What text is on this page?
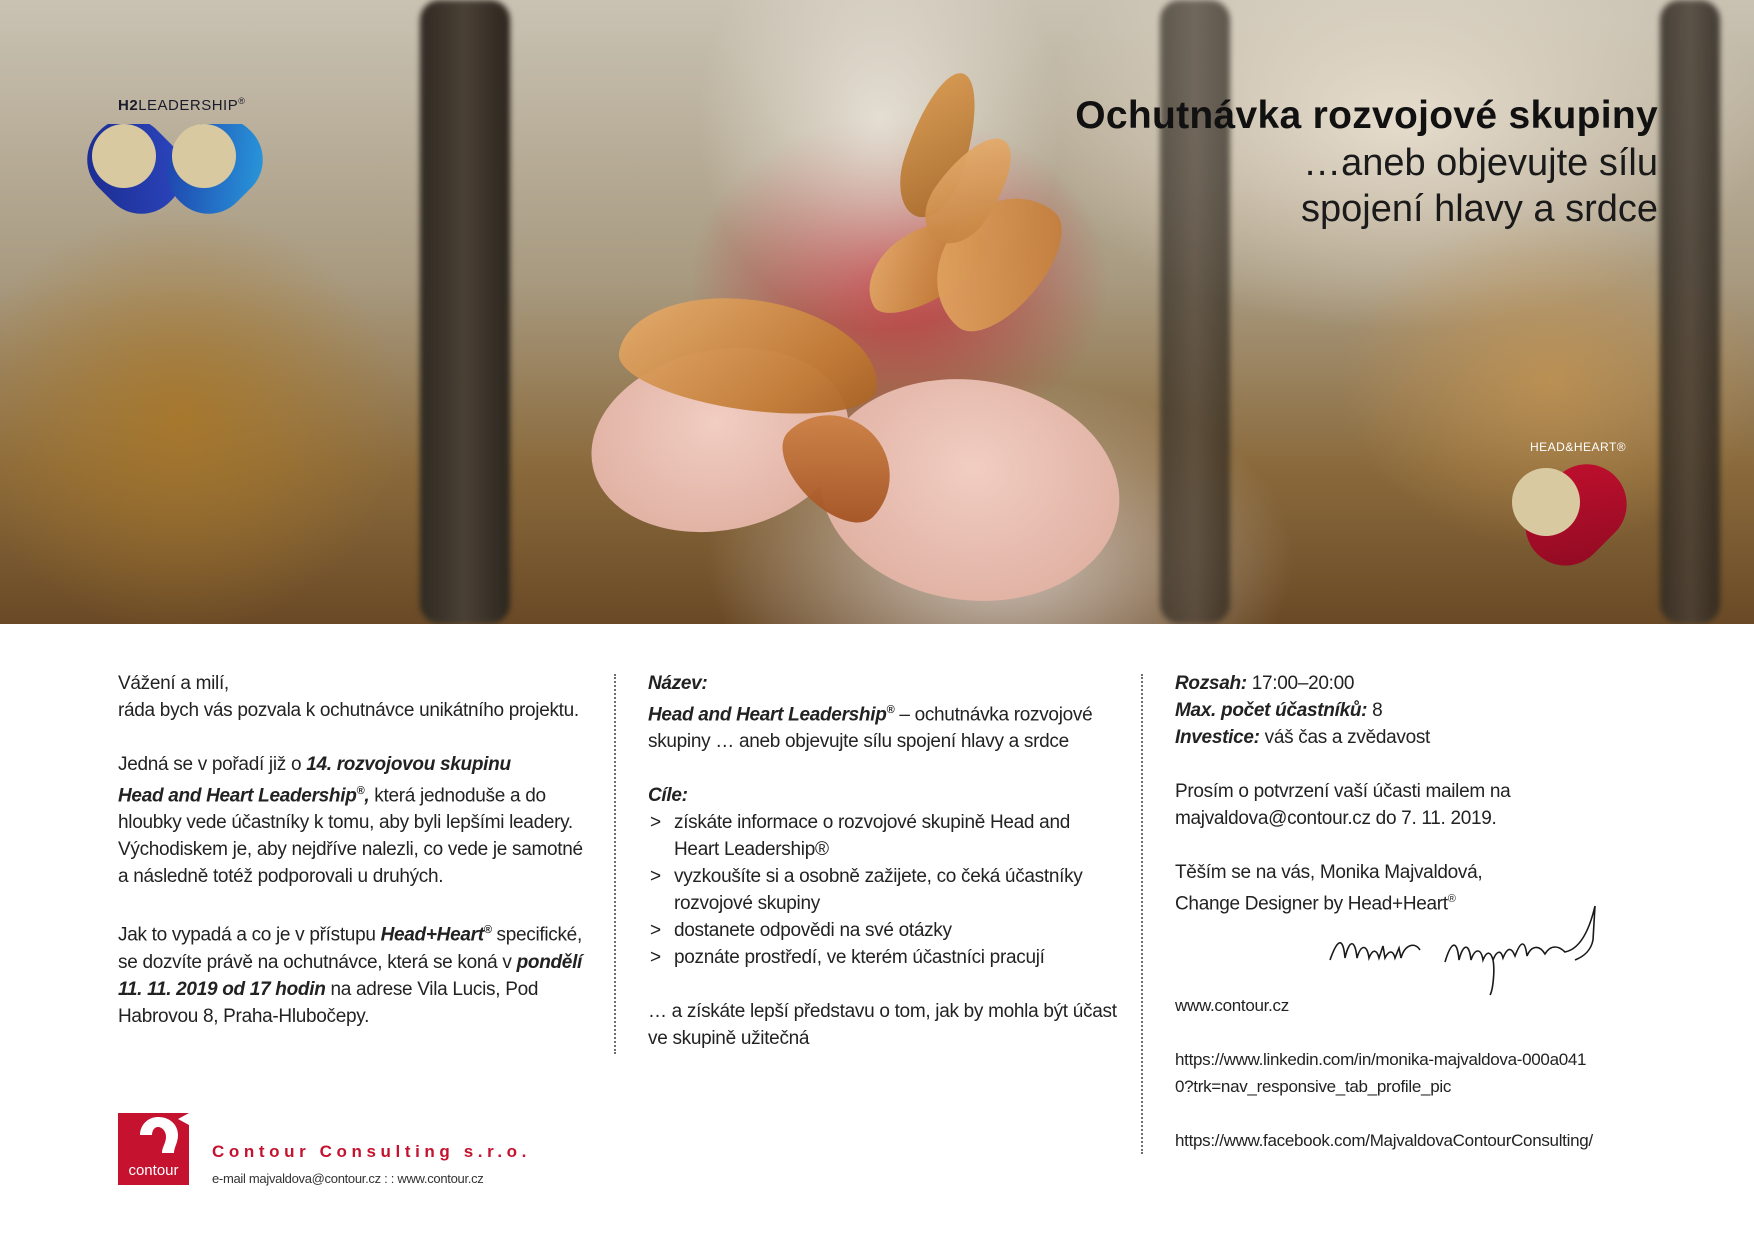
H2LEADERSHIP®	Ochutnávka rozvojové skupiny
…aneb objevujte sílu
spojení hlavy a srdce
HEAD&HEART®

Vážení a milí,
ráda bych vás pozvala k ochutnávce unikátního projektu.

Jedná se v pořadí již o 14. rozvojovou skupinu
Head and Heart Leadership®, která jednoduše a do hloubky vede účastníky k tomu, aby byli lepšími leadery. Východiskem je, aby nejdříve nalezli, co vede je samotné a následně totéž podporovali u druhých.

Jak to vypadá a co je v přístupu Head+Heart® specifické, se dozvíte právě na ochutnávce, která se koná v pondělí 11. 11. 2019 od 17 hodin na adrese Vila Lucis, Pod Habrovou 8, Praha-Hlubočepy.

Název:
Head and Heart Leadership® – ochutnávka rozvojové skupiny … aneb objevujte sílu spojení hlavy a srdce

Cíle:
> získáte informace o rozvojové skupině Head and Heart Leadership®
> vyzkoušíte si a osobně zažijete, co čeká účastníky rozvojové skupiny
> dostanete odpovědi na své otázky
> poznáte prostředí, ve kterém účastníci pracují

… a získáte lepší představu o tom, jak by mohla být účast ve skupině užitečná

Rozsah: 17:00–20:00
Max. počet účastníků: 8
Investice: váš čas a zvědavost

Prosím o potvrzení vaší účasti mailem na majvaldova@contour.cz do 7. 11. 2019.

Těším se na vás, Monika Majvaldová,
Change Designer by Head+Heart®

www.contour.cz
https://www.linkedin.com/in/monika-majvaldova-000a0410?trk=nav_responsive_tab_profile_pic
https://www.facebook.com/MajvaldovaContourConsulting/
contour
Contour Consulting s.r.o.
e-mail majvaldova@contour.cz : : www.contour.cz
